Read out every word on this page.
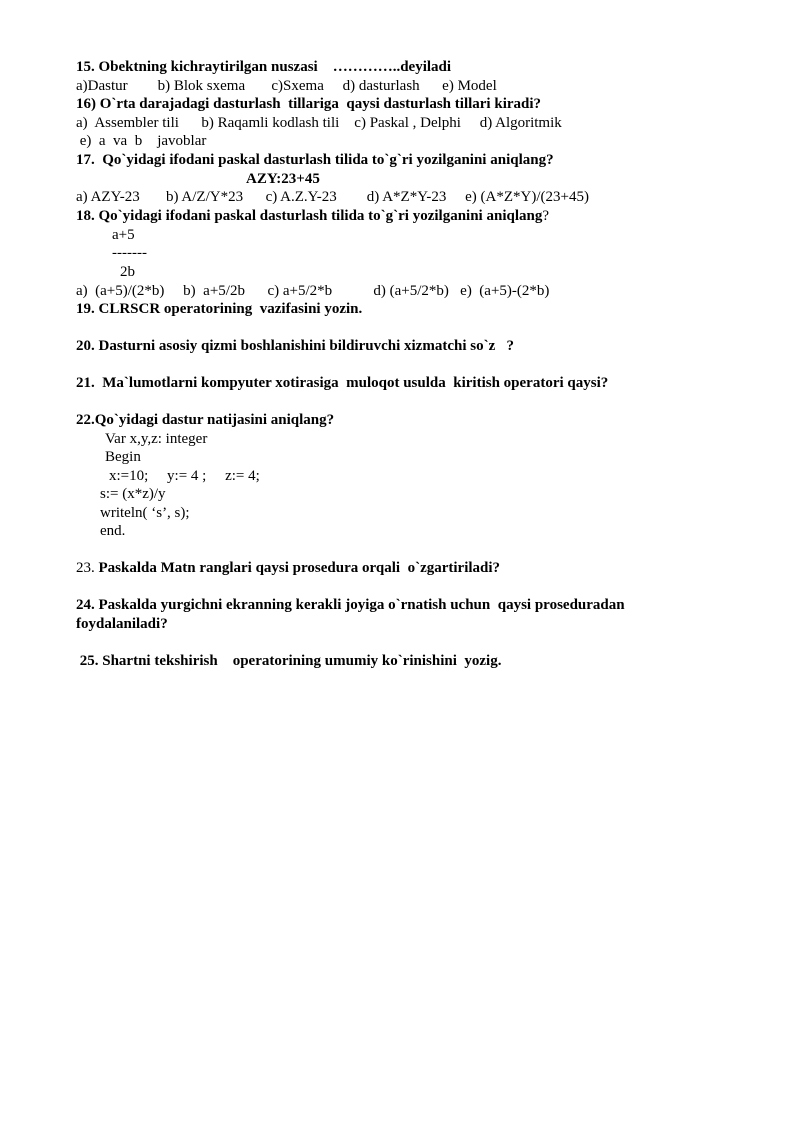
15. Obektning kichraytirilgan nuszasi    …………..deyiladi
a)Dastur        b) Blok sxema       c)Sxema     d) dasturlash      e) Model
16) O`rta darajadagi dasturlash  tillariga  qaysi dasturlash tillari kiradi?
a)  Assembler tili      b) Raqamli kodlash tili    c) Paskal , Delphi     d) Algoritmik
e)  a  va  b    javoblar
17.  Qo`yidagi ifodani paskal dasturlash tilida to`g`ri yozilganini aniqlang?
AZY:23+45
a) AZY-23       b) A/Z/Y*23      c) A.Z.Y-23        d) A*Z*Y-23     e) (A*Z*Y)/(23+45)
18. Qo`yidagi ifodani paskal dasturlash tilida to`g`ri yozilganini aniqlang?
a+5
-------
2b
a)  (a+5)/(2*b)     b)  a+5/2b      c) a+5/2*b           d) (a+5/2*b)   e)  (a+5)-(2*b)
19. CLRSCR operatorining  vazifasini yozin.
20. Dasturni asosiy qizmi boshlanishini bildiruvchi xizmatchi so`z   ?
21.  Ma`lumotlarni kompyuter xotirasiga  muloqot usulda  kiritish operatori qaysi?
22.Qo`yidagi dastur natijasini aniqlang?
Var x,y,z: integer
Begin
x:=10;     y:= 4 ;     z:= 4;
s:= (x*z)/y
writeln( ‘s’, s);
end.
23. Paskalda Matn ranglari qaysi prosedura orqali  o`zgartiriladi?
24. Paskalda yurgichni ekranning kerakli joyiga o`rnatish uchun  qaysi proseduradan
foydalaniladi?
25. Shartni tekshirish    operatorining umumiy ko`rinishini  yozig.
